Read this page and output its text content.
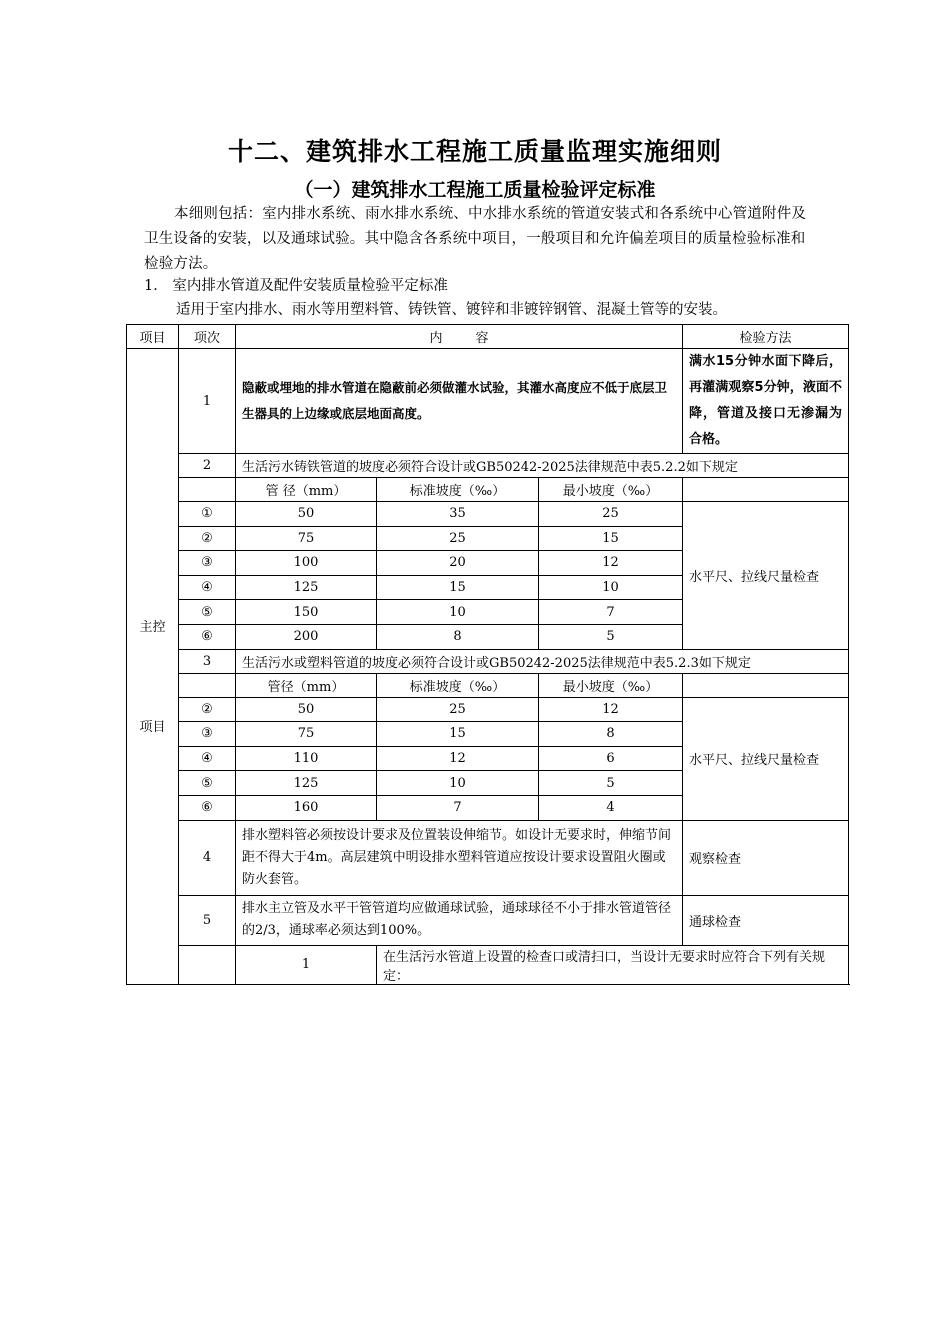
十二、建筑排水工程施工质量监理实施细则
（一）建筑排水工程施工质量检验评定标准
本细则包括：室内排水系统、雨水排水系统、中水排水系统的管道安装式和各系统中心管道附件及卫生设备的安装，以及通球试验。其中隐含各系统中项目，一般项目和允许偏差项目的质量检验标准和检验方法。
1． 室内排水管道及配件安装质量检验平定标准
适用于室内排水、雨水等用塑料管、铸铁管、镀锌和非镀锌钢管、混凝土管等的安装。
项目	项次	内        容			检验方法

主控
项目	1	隐蔽或埋地的排水管道在隐蔽前必须做灌水试验，其灌水高度应不低于底层卫生器具的上边缘或底层地面高度。			满水15分钟水面下降后，再灌满观察5分钟，液面不降，管道及接口无渗漏为合格。
	2	生活污水铸铁管道的坡度必须符合设计或GB50242-2025法律规范中表5.2.2如下规定			
		管 径（mm）	标准坡度（‰）	最小坡度（‰）	
	①	50	35	25	水平尺、拉线尺量检查
	②	75	25	15	
	③	100	20	12	
	④	125	15	10	
	⑤	150	10	7	
	⑥	200	8	5	
	3	生活污水或塑料管道的坡度必须符合设计或GB50242-2025法律规范中表5.2.3如下规定			
		管径（mm）	标准坡度（‰）	最小坡度（‰）	
	②	50	25	12	水平尺、拉线尺量检查
	③	75	15	8	
	④	110	12	6	
	⑤	125	10	5	
	⑥	160	7	4	
	4	排水塑料管必须按设计要求及位置装设伸缩节。如设计无要求时，伸缩节间距不得大于4m。高层建筑中明设排水塑料管道应按设计要求设置阻火圈或防火套管。			观察检查
	5	排水主立管及水平干管管道均应做通球试验，通球球径不小于排水管道管径的2/3，通球率必须达到100%。			通球检查
		1	在生活污水管道上设置的检查口或清扫口，当设计无要求时应符合下列有关规定：		
